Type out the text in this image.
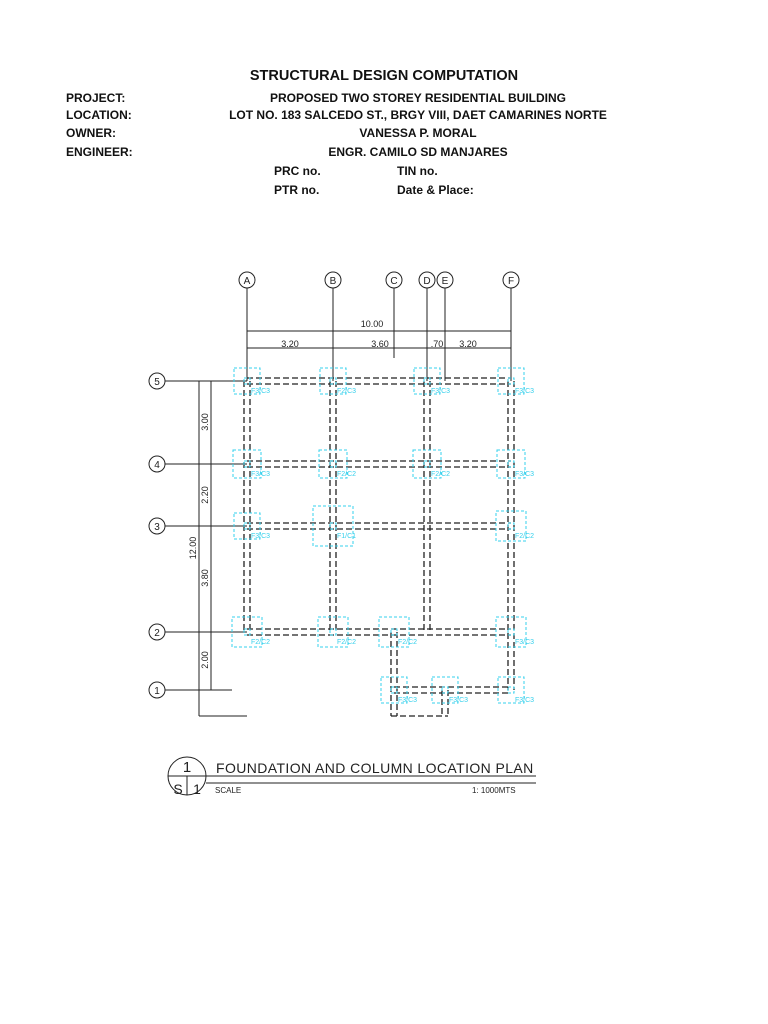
STRUCTURAL DESIGN COMPUTATION
PROJECT:	PROPOSED TWO STOREY RESIDENTIAL BUILDING
LOCATION:	LOT NO. 183 SALCEDO ST., BRGY VIII, DAET CAMARINES NORTE
OWNER:	VANESSA P. MORAL
ENGINEER:	ENGR. CAMILO SD MANJARES
PRC no.	TIN no.
PTR no.	Date & Place:
A	B	C	D E	F
10.00
3.20	3.60	.70 3.20
5
4
3
2
1
12.00
3.00
2.20
3.80
2.00
F3/C3	F2/C3	F3/C3	F3/C3
F3/C3	F2/C2	F2/C2	F3/C3
F3/C3	F1/C1	F2/C2
F2/C2	F2/C2	F2/C2	F3/C3
F3/C3	F3/C3	F3/C3
1
S 1
FOUNDATION AND COLUMN LOCATION PLAN
SCALE	1: 1000MTS
